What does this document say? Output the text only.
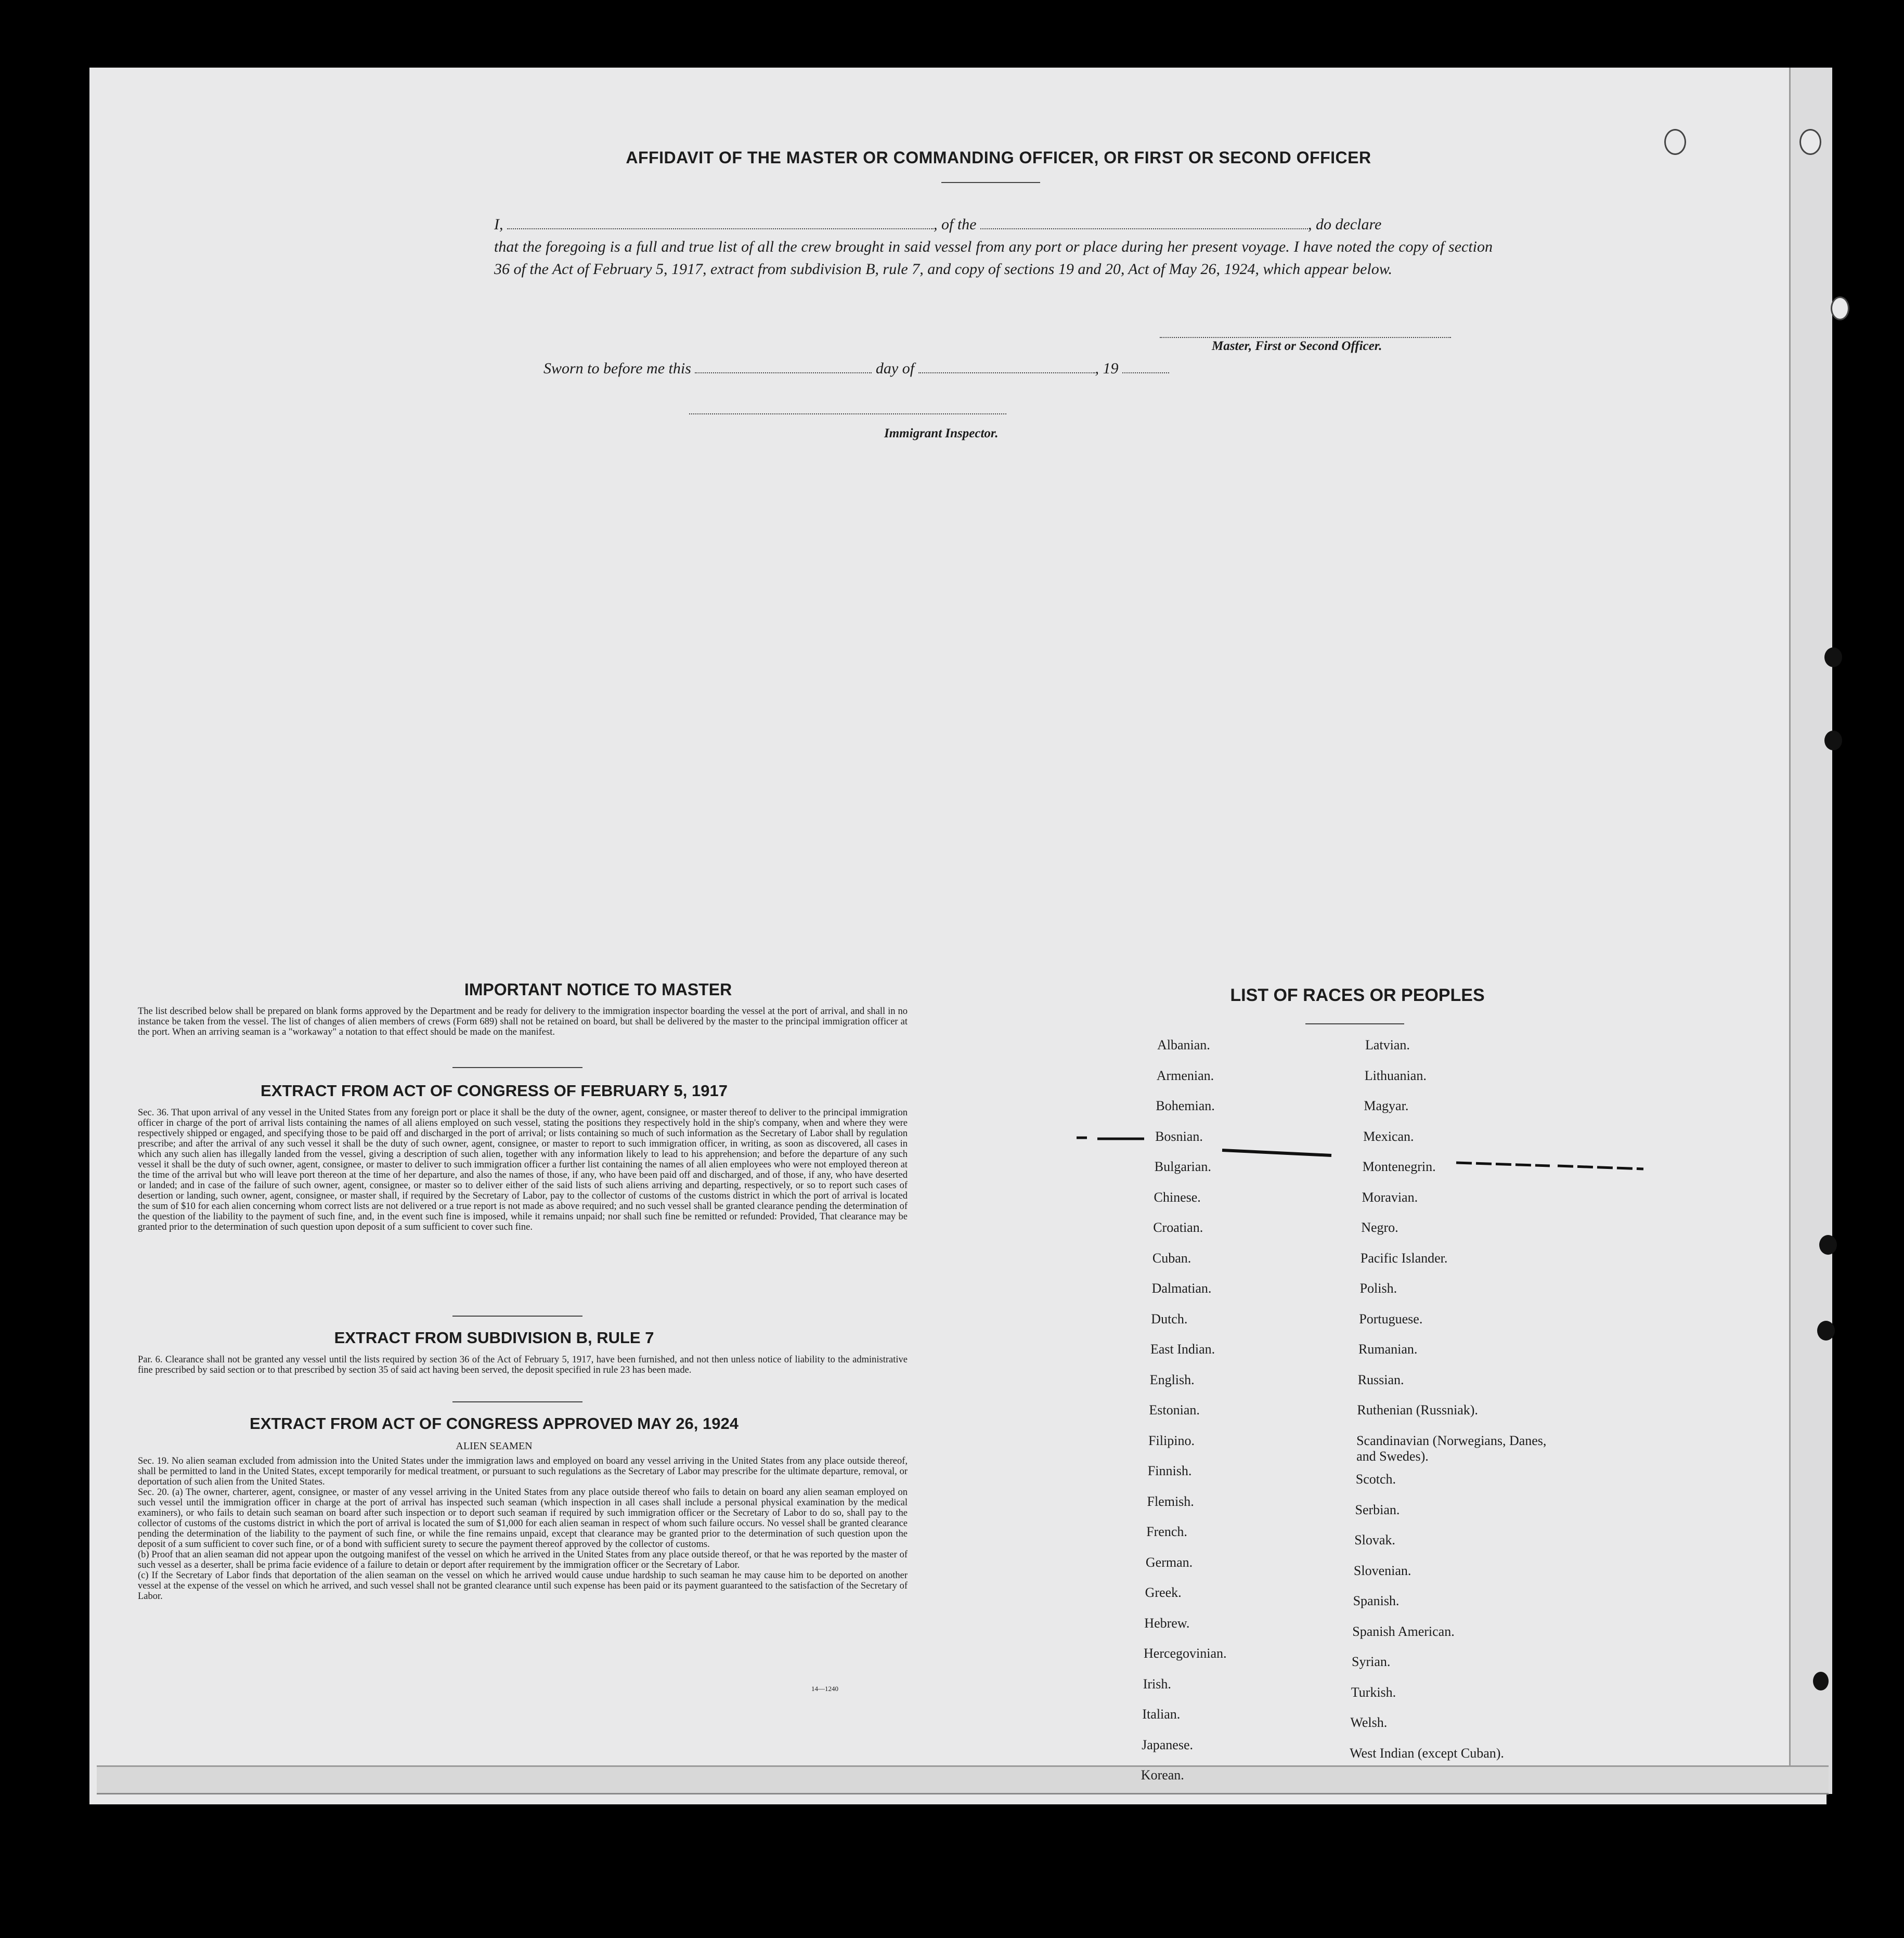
AFFIDAVIT OF THE MASTER OR COMMANDING OFFICER, OR FIRST OR SECOND OFFICER
I,	, of the	, do declare
that the foregoing is a full and true list of all the crew brought in said vessel from any port or place during her present voyage. I have noted the copy of section 36 of the Act of February 5, 1917, extract from subdivision B, rule 7, and copy of sections 19 and 20, Act of May 26, 1924, which appear below.
Master, First or Second Officer.
Sworn to before me this	day of	, 19
Immigrant Inspector.
IMPORTANT NOTICE TO MASTER
The list described below shall be prepared on blank forms approved by the Department and be ready for delivery to the immigration inspector boarding the vessel at the port of arrival, and shall in no instance be taken from the vessel. The list of changes of alien members of crews (Form 689) shall not be retained on board, but shall be delivered by the master to the principal immigration officer at the port. When an arriving seaman is a "workaway" a notation to that effect should be made on the manifest.
EXTRACT FROM ACT OF CONGRESS OF FEBRUARY 5, 1917
Sec. 36. That upon arrival of any vessel in the United States from any foreign port or place it shall be the duty of the owner, agent, consignee, or master thereof to deliver to the principal immigration officer in charge of the port of arrival lists containing the names of all aliens employed on such vessel, stating the positions they respectively hold in the ship's company, when and where they were respectively shipped or engaged, and specifying those to be paid off and discharged in the port of arrival; or lists containing so much of such information as the Secretary of Labor shall by regulation prescribe; and after the arrival of any such vessel it shall be the duty of such owner, agent, consignee, or master to report to such immigration officer, in writing, as soon as discovered, all cases in which any such alien has illegally landed from the vessel, giving a description of such alien, together with any information likely to lead to his apprehension; and before the departure of any such vessel it shall be the duty of such owner, agent, consignee, or master to deliver to such immigration officer a further list containing the names of all alien employees who were not employed thereon at the time of the arrival but who will leave port thereon at the time of her departure, and also the names of those, if any, who have been paid off and discharged, and of those, if any, who have deserted or landed; and in case of the failure of such owner, agent, consignee, or master so to deliver either of the said lists of such aliens arriving and departing, respectively, or so to report such cases of desertion or landing, such owner, agent, consignee, or master shall, if required by the Secretary of Labor, pay to the collector of customs of the customs district in which the port of arrival is located the sum of $10 for each alien concerning whom correct lists are not delivered or a true report is not made as above required; and no such vessel shall be granted clearance pending the determination of the question of the liability to the payment of such fine, and, in the event such fine is imposed, while it remains unpaid; nor shall such fine be remitted or refunded: Provided, That clearance may be granted prior to the determination of such question upon deposit of a sum sufficient to cover such fine.
EXTRACT FROM SUBDIVISION B, RULE 7
Par. 6. Clearance shall not be granted any vessel until the lists required by section 36 of the Act of February 5, 1917, have been furnished, and not then unless notice of liability to the administrative fine prescribed by said section or to that prescribed by section 35 of said act having been served, the deposit specified in rule 23 has been made.
EXTRACT FROM ACT OF CONGRESS APPROVED MAY 26, 1924
ALIEN SEAMEN
Sec. 19. No alien seaman excluded from admission into the United States under the immigration laws and employed on board any vessel arriving in the United States from any place outside thereof, shall be permitted to land in the United States, except temporarily for medical treatment, or pursuant to such regulations as the Secretary of Labor may prescribe for the ultimate departure, removal, or deportation of such alien from the United States.
Sec. 20. (a) The owner, charterer, agent, consignee, or master of any vessel arriving in the United States from any place outside thereof who fails to detain on board any alien seaman employed on such vessel until the immigration officer in charge at the port of arrival has inspected such seaman (which inspection in all cases shall include a personal physical examination by the medical examiners), or who fails to detain such seaman on board after such inspection or to deport such seaman if required by such immigration officer or the Secretary of Labor to do so, shall pay to the collector of customs of the customs district in which the port of arrival is located the sum of $1,000 for each alien seaman in respect of whom such failure occurs. No vessel shall be granted clearance pending the determination of the liability to the payment of such fine, or while the fine remains unpaid, except that clearance may be granted prior to the determination of such question upon the deposit of a sum sufficient to cover such fine, or of a bond with sufficient surety to secure the payment thereof approved by the collector of customs.
(b) Proof that an alien seaman did not appear upon the outgoing manifest of the vessel on which he arrived in the United States from any place outside thereof, or that he was reported by the master of such vessel as a deserter, shall be prima facie evidence of a failure to detain or deport after requirement by the immigration officer or the Secretary of Labor.
(c) If the Secretary of Labor finds that deportation of the alien seaman on the vessel on which he arrived would cause undue hardship to such seaman he may cause him to be deported on another vessel at the expense of the vessel on which he arrived, and such vessel shall not be granted clearance until such expense has been paid or its payment guaranteed to the satisfaction of the Secretary of Labor.
14—1240
LIST OF RACES OR PEOPLES
Albanian.
Armenian.
Bohemian.
Bosnian.
Bulgarian.
Chinese.
Croatian.
Cuban.
Dalmatian.
Dutch.
East Indian.
English.
Estonian.
Filipino.
Finnish.
Flemish.
French.
German.
Greek.
Hebrew.
Hercegovinian.
Irish.
Italian.
Japanese.
Korean.
Latvian.
Lithuanian.
Magyar.
Mexican.
Montenegrin.
Moravian.
Negro.
Pacific Islander.
Polish.
Portuguese.
Rumanian.
Russian.
Ruthenian (Russniak).
Scandinavian (Norwegians, Danes, and Swedes).
Scotch.
Serbian.
Slovak.
Slovenian.
Spanish.
Spanish American.
Syrian.
Turkish.
Welsh.
West Indian (except Cuban).
